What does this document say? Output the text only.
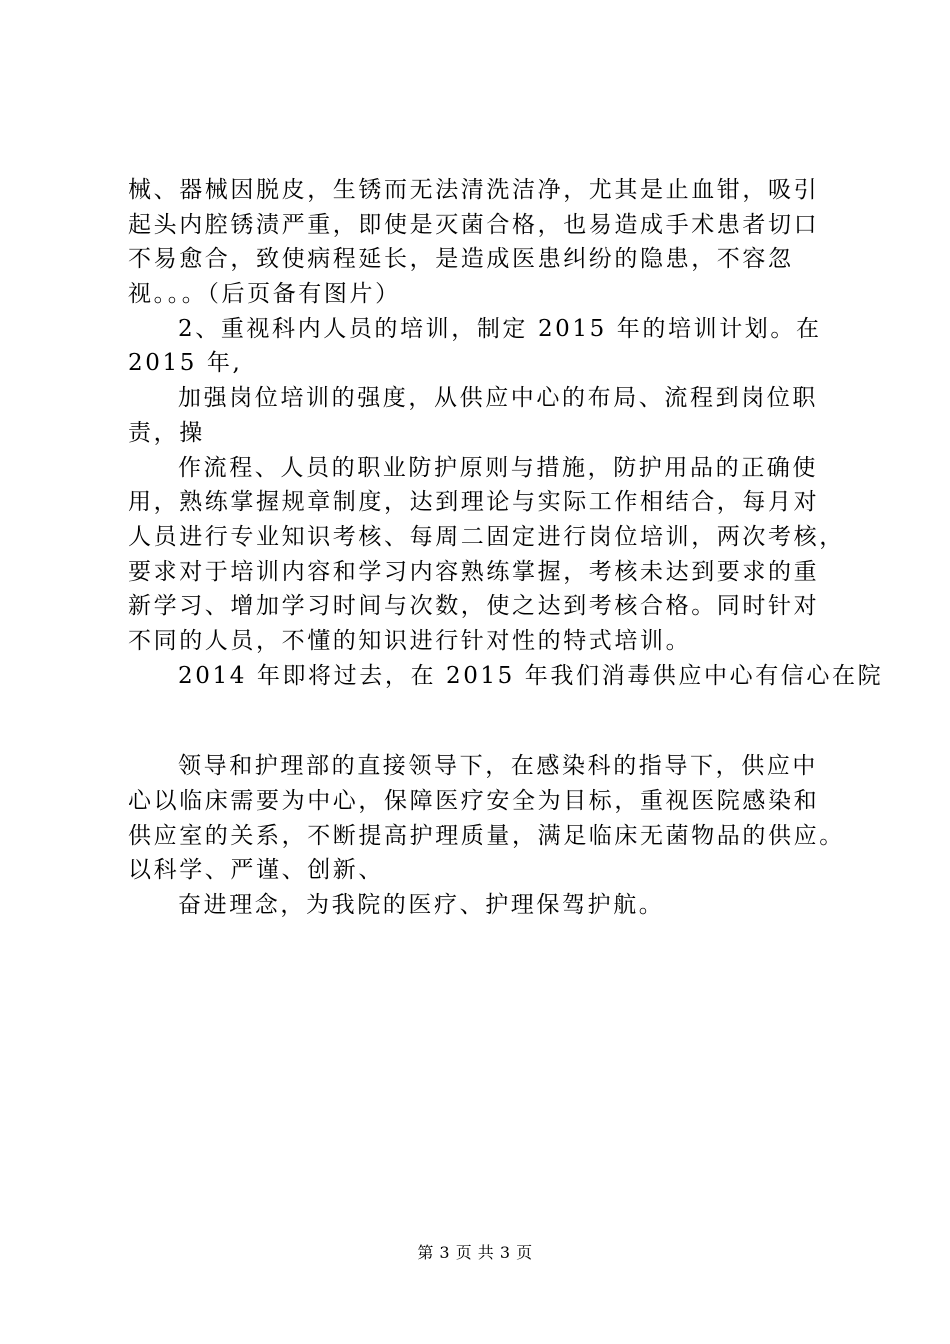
械、器械因脱皮，生锈而无法清洗洁净，尤其是止血钳，吸引
起头内腔锈渍严重，即使是灭菌合格，也易造成手术患者切口
不易愈合，致使病程延长，是造成医患纠纷的隐患，不容忽
视。。。（后页备有图片）
2、重视科内人员的培训，制定 2015 年的培训计划。在
2015 年,
加强岗位培训的强度，从供应中心的布局、流程到岗位职
责，操
作流程、人员的职业防护原则与措施，防护用品的正确使
用，熟练掌握规章制度，达到理论与实际工作相结合，每月对
人员进行专业知识考核、每周二固定进行岗位培训，两次考核，
要求对于培训内容和学习内容熟练掌握，考核未达到要求的重
新学习、增加学习时间与次数，使之达到考核合格。同时针对
不同的人员，不懂的知识进行针对性的特式培训。
2014 年即将过去，在 2015 年我们消毒供应中心有信心在院
领导和护理部的直接领导下，在感染科的指导下，供应中
心以临床需要为中心，保障医疗安全为目标，重视医院感染和
供应室的关系，不断提高护理质量，满足临床无菌物品的供应。
以科学、严谨、创新、
奋进理念，为我院的医疗、护理保驾护航。
第 3 页 共 3 页
